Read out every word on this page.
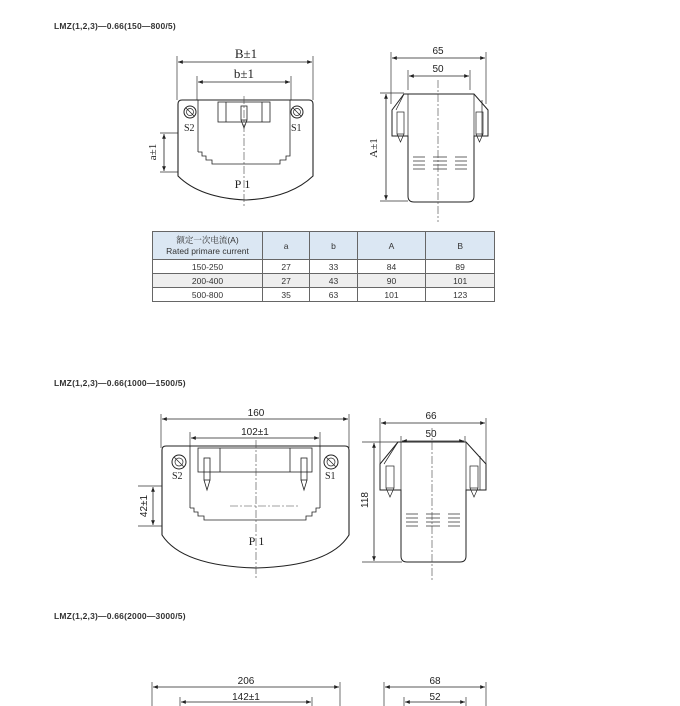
LMZ(1,2,3)—0.66(150—800/5)
B±1
b±1
a±1
S2	S1
P1
65
50
A±1
额定一次电流(A)
Rated primare current	a	b	A	B
150-250	27	33	84	89
200-400	27	43	90	101
500-800	35	63	101	123
LMZ(1,2,3)—0.66(1000—1500/5)
160
102±1
42±1
S2	S1
P1
66
50
118
LMZ(1,2,3)—0.66(2000—3000/5)
206
142±1
68
52
